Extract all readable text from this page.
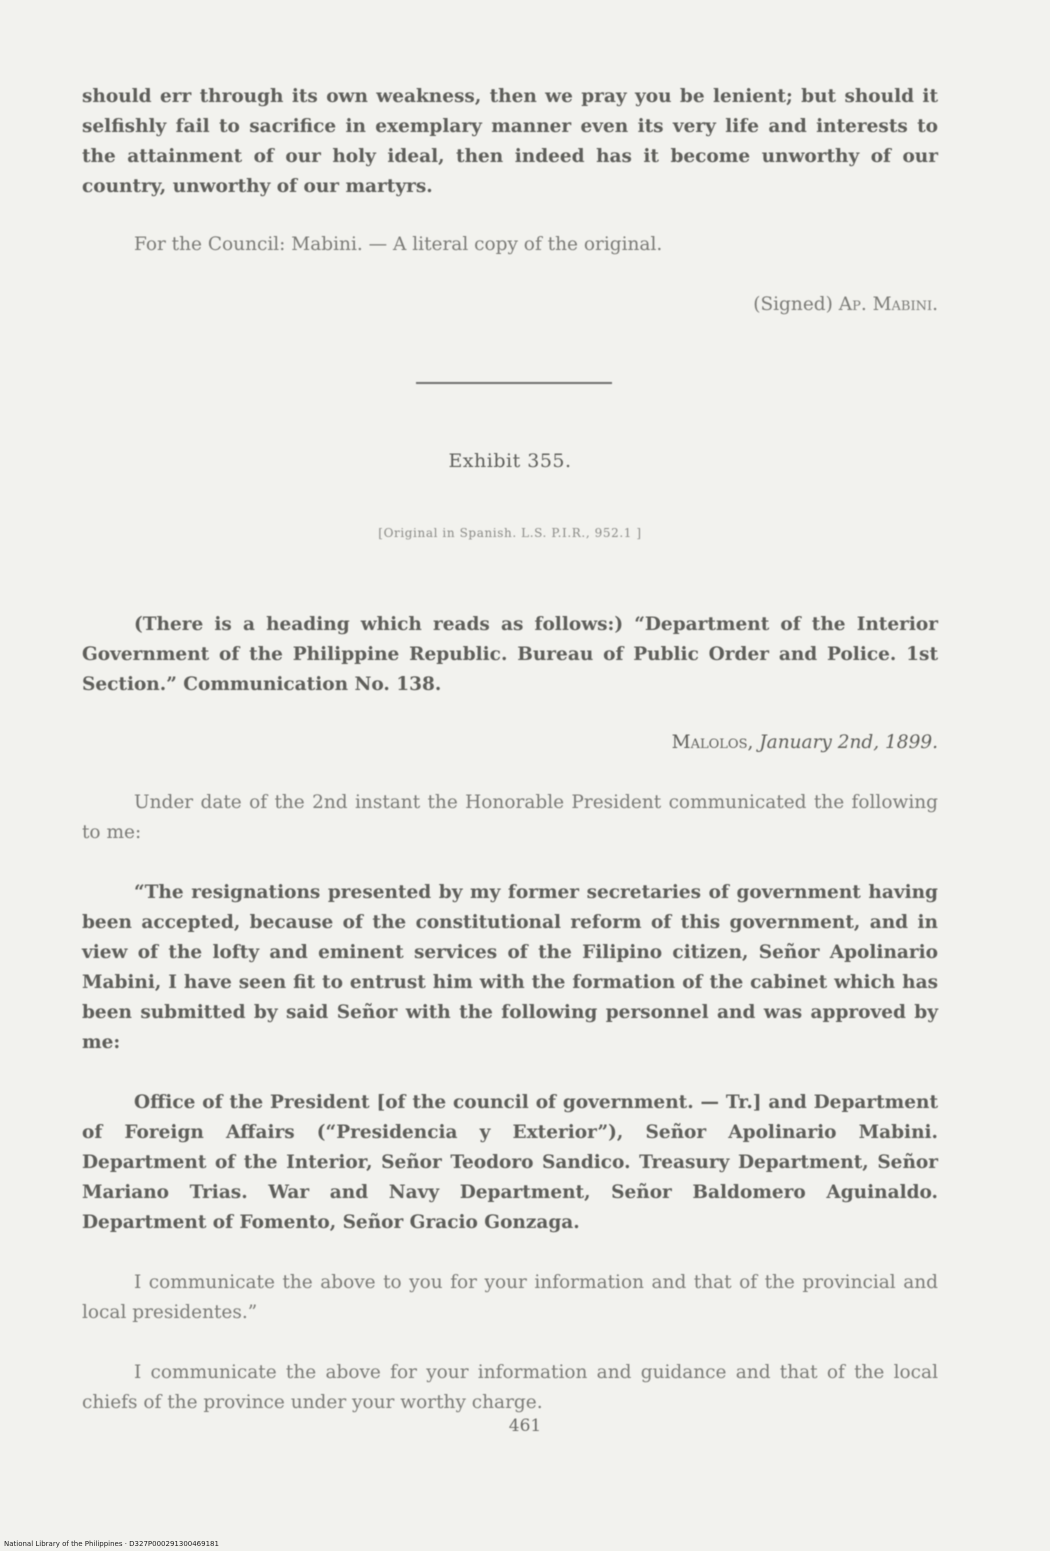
should err through its own weakness, then we pray you be lenient; but should it selfishly fail to sacrifice in exemplary manner even its very life and interests to the attainment of our holy ideal, then indeed has it become unworthy of our country, unworthy of our martyrs.

For the Council: Mabini. — A literal copy of the original.

(Signed) Ap. Mabini.

Exhibit 355.

[Original in Spanish. L.S. P.I.R., 952.1 ]

(There is a heading which reads as follows:) “Department of the Interior Government of the Philippine Republic. Bureau of Public Order and Police. 1st Section.” Communication No. 138.

Malolos, January 2nd, 1899.

Under date of the 2nd instant the Honorable President communicated the following to me:

“The resignations presented by my former secretaries of government having been accepted, because of the constitutional reform of this government, and in view of the lofty and eminent services of the Filipino citizen, Señor Apolinario Mabini, I have seen fit to entrust him with the formation of the cabinet which has been submitted by said Señor with the following personnel and was approved by me:

Office of the President [of the council of government. — Tr.] and Department of Foreign Affairs (“Presidencia y Exterior”), Señor Apolinario Mabini. Department of the Interior, Señor Teodoro Sandico. Treasury Department, Señor Mariano Trias. War and Navy Department, Señor Baldomero Aguinaldo. Department of Fomento, Señor Gracio Gonzaga.

I communicate the above to you for your information and that of the provincial and local presidentes.”

I communicate the above for your information and guidance and that of the local chiefs of the province under your worthy charge.

461
National Library of the Philippines · D327P000291300469181
